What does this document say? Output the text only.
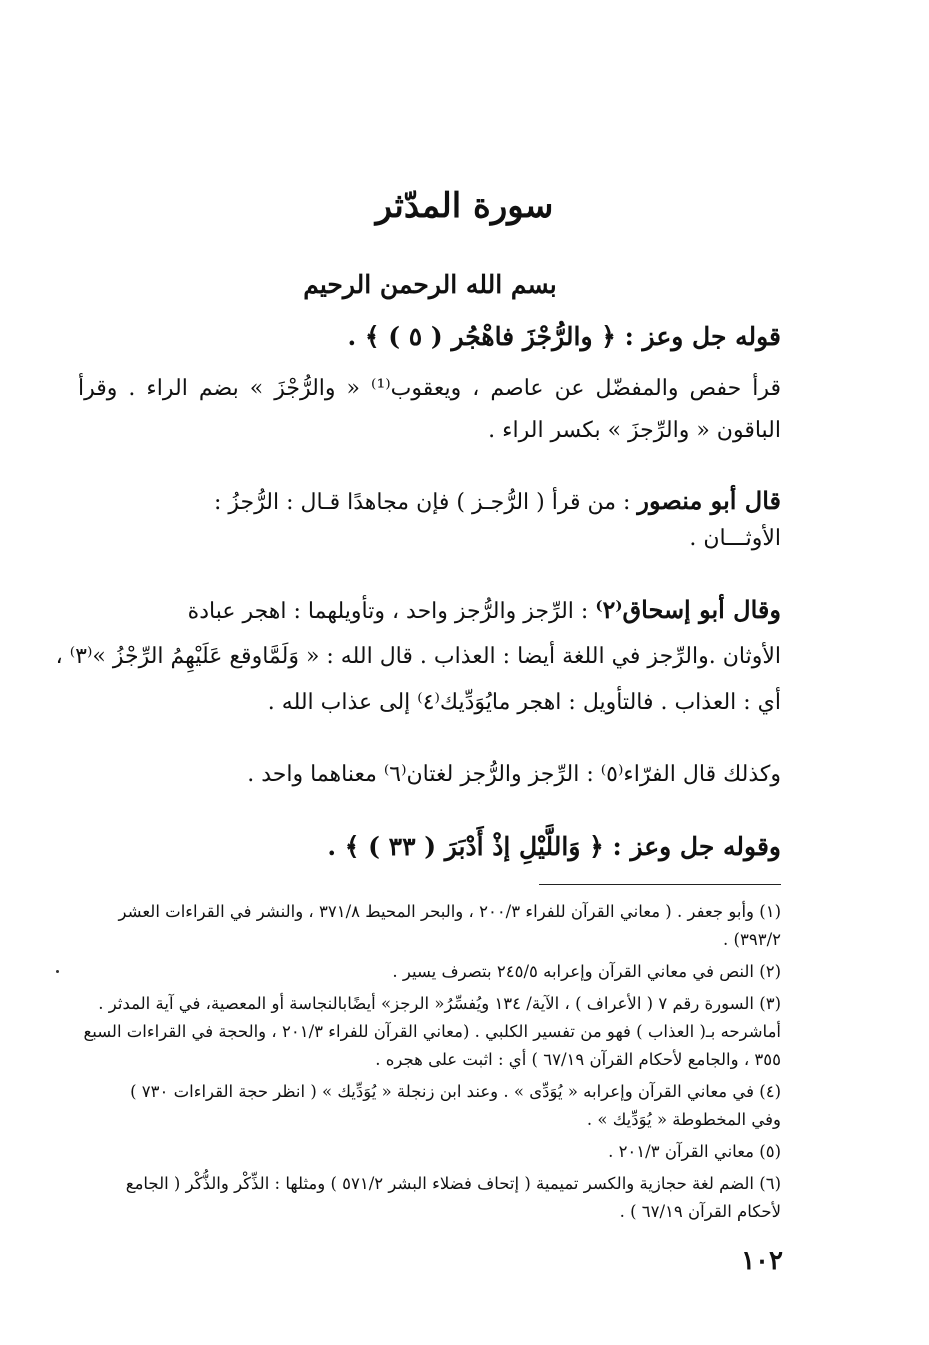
سورة المدّثر
بسم الله الرحمن الرحيم
قوله جل وعز : ﴿ والرُّجْزَ فاهْجُر ( ٥ ) ﴾ .
قرأ حفص والمفضّل عن عاصم ، ويعقوب⁽¹⁾ « والرُّجْزَ » بضم الراء . وقرأ
الباقون « والرِّجزَ » بكسر الراء .
قال أبو منصور : من قرأ ( الرُّجـز ) فإن مجاهدًا قـال : الرُّجزُ :
الأوثـــان .
وقال أبو إسحاق⁽٢⁾ : الرِّجز والرُّجز واحد ، وتأويلهما : اهجر عبادة
الأوثان .والرِّجز في اللغة أيضا : العذاب . قال الله : « وَلَمَّاوقع عَلَيْهِمُ الرِّجْزُ »⁽٣⁾ ،
أي : العذاب . فالتأويل : اهجر مايُوَدِّيك⁽٤⁾ إلى عذاب الله .
وكذلك قال الفرّاء⁽٥⁾ : الرِّجز والرُّجز لغتان⁽٦⁾ معناهما واحد .
وقوله جل وعز : ﴿ وَاللَّيْلِ إذْ أَدْبَرَ ( ٣٣ ) ﴾ .
(١) وأبو جعفر . ( معاني القرآن للفراء ٢٠٠/٣ ، والبحر المحيط ٣٧١/٨ ، والنشر في القراءات العشر
٣٩٣/٢) .
(٢) النص في معاني القرآن وإعرابه ٢٤٥/٥ بتصرف يسير .
(٣) السورة رقم ٧ ( الأعراف ) ، الآية/ ١٣٤ ويُفسِّرُ« الرجز» أيضًابالنجاسة أو المعصية، في آية المدثر .
أماشرحه بـ( العذاب ) فهو من تفسير الكلبي . (معاني القرآن للفراء ٢٠١/٣ ، والحجة في القراءات السبع
٣٥٥ ، والجامع لأحكام القرآن ٦٧/١٩ ) أي : اثبت على هجره .
(٤) في معاني القرآن وإعرابه « يُوَدِّى » . وعند ابن زنجلة « يُوَدِّيك » ( انظر حجة القراءات ٧٣٠ )
وفي المخطوطة « يُوَدِّيك » .
(٥) معاني القرآن ٢٠١/٣ .
(٦) الضم لغة حجازية والكسر تميمية ( إتحاف فضلاء البشر ٥٧١/٢ ) ومثلها : الذِّكْر والذُّكْر ( الجامع
لأحكام القرآن ٦٧/١٩ ) .
١٠٢
